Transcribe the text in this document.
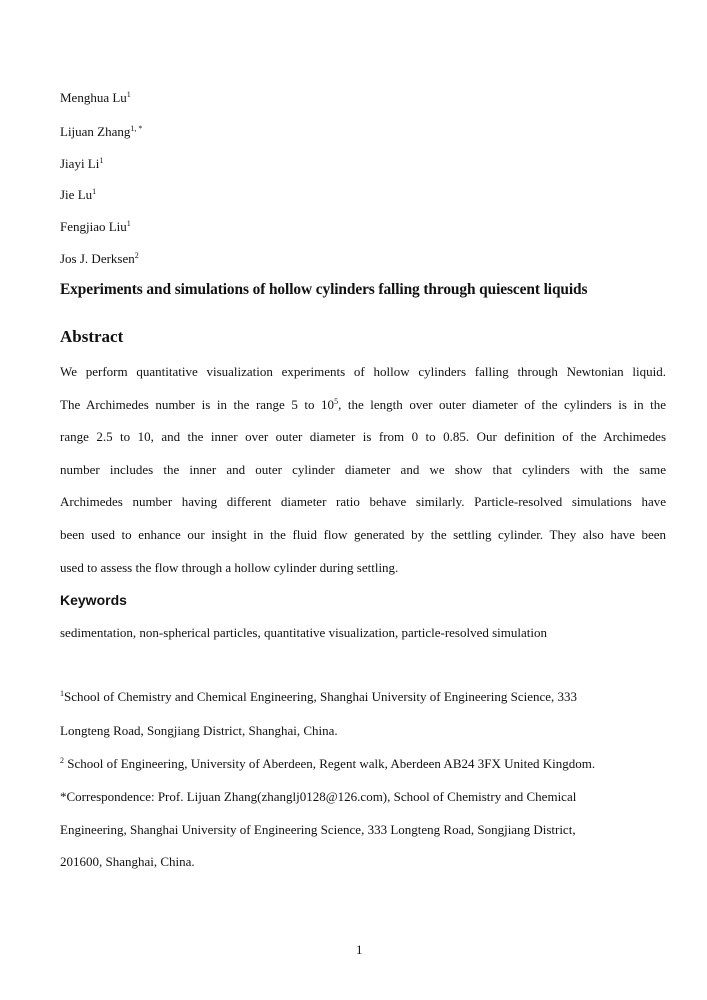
Menghua Lu$^1$
Lijuan Zhang$^{1, *}$
Jiayi Li$^1$
Jie Lu$^1$
Fengjiao Liu$^1$
Jos J. Derksen$^2$
Experiments and simulations of hollow cylinders falling through quiescent liquids
Abstract
We perform quantitative visualization experiments of hollow cylinders falling through Newtonian liquid.
The Archimedes number is in the range 5 to $10^5$, the length over outer diameter of the cylinders is in the
range 2.5 to 10, and the inner over outer diameter is from 0 to 0.85. Our definition of the Archimedes
number includes the inner and outer cylinder diameter and we show that cylinders with the same
Archimedes number having different diameter ratio behave similarly. Particle-resolved simulations have
been used to enhance our insight in the fluid flow generated by the settling cylinder. They also have been
used to assess the flow through a hollow cylinder during settling.
Keywords
sedimentation, non-spherical particles, quantitative visualization, particle-resolved simulation
$^1$School of Chemistry and Chemical Engineering, Shanghai University of Engineering Science, 333
Longteng Road, Songjiang District, Shanghai, China.
$^2$ School of Engineering, University of Aberdeen, Regent walk, Aberdeen AB24 3FX United Kingdom.
*Correspondence: Prof. Lijuan Zhang(zhanglj0128@126.com), School of Chemistry and Chemical
Engineering, Shanghai University of Engineering Science, 333 Longteng Road, Songjiang District,
201600, Shanghai, China.
1
